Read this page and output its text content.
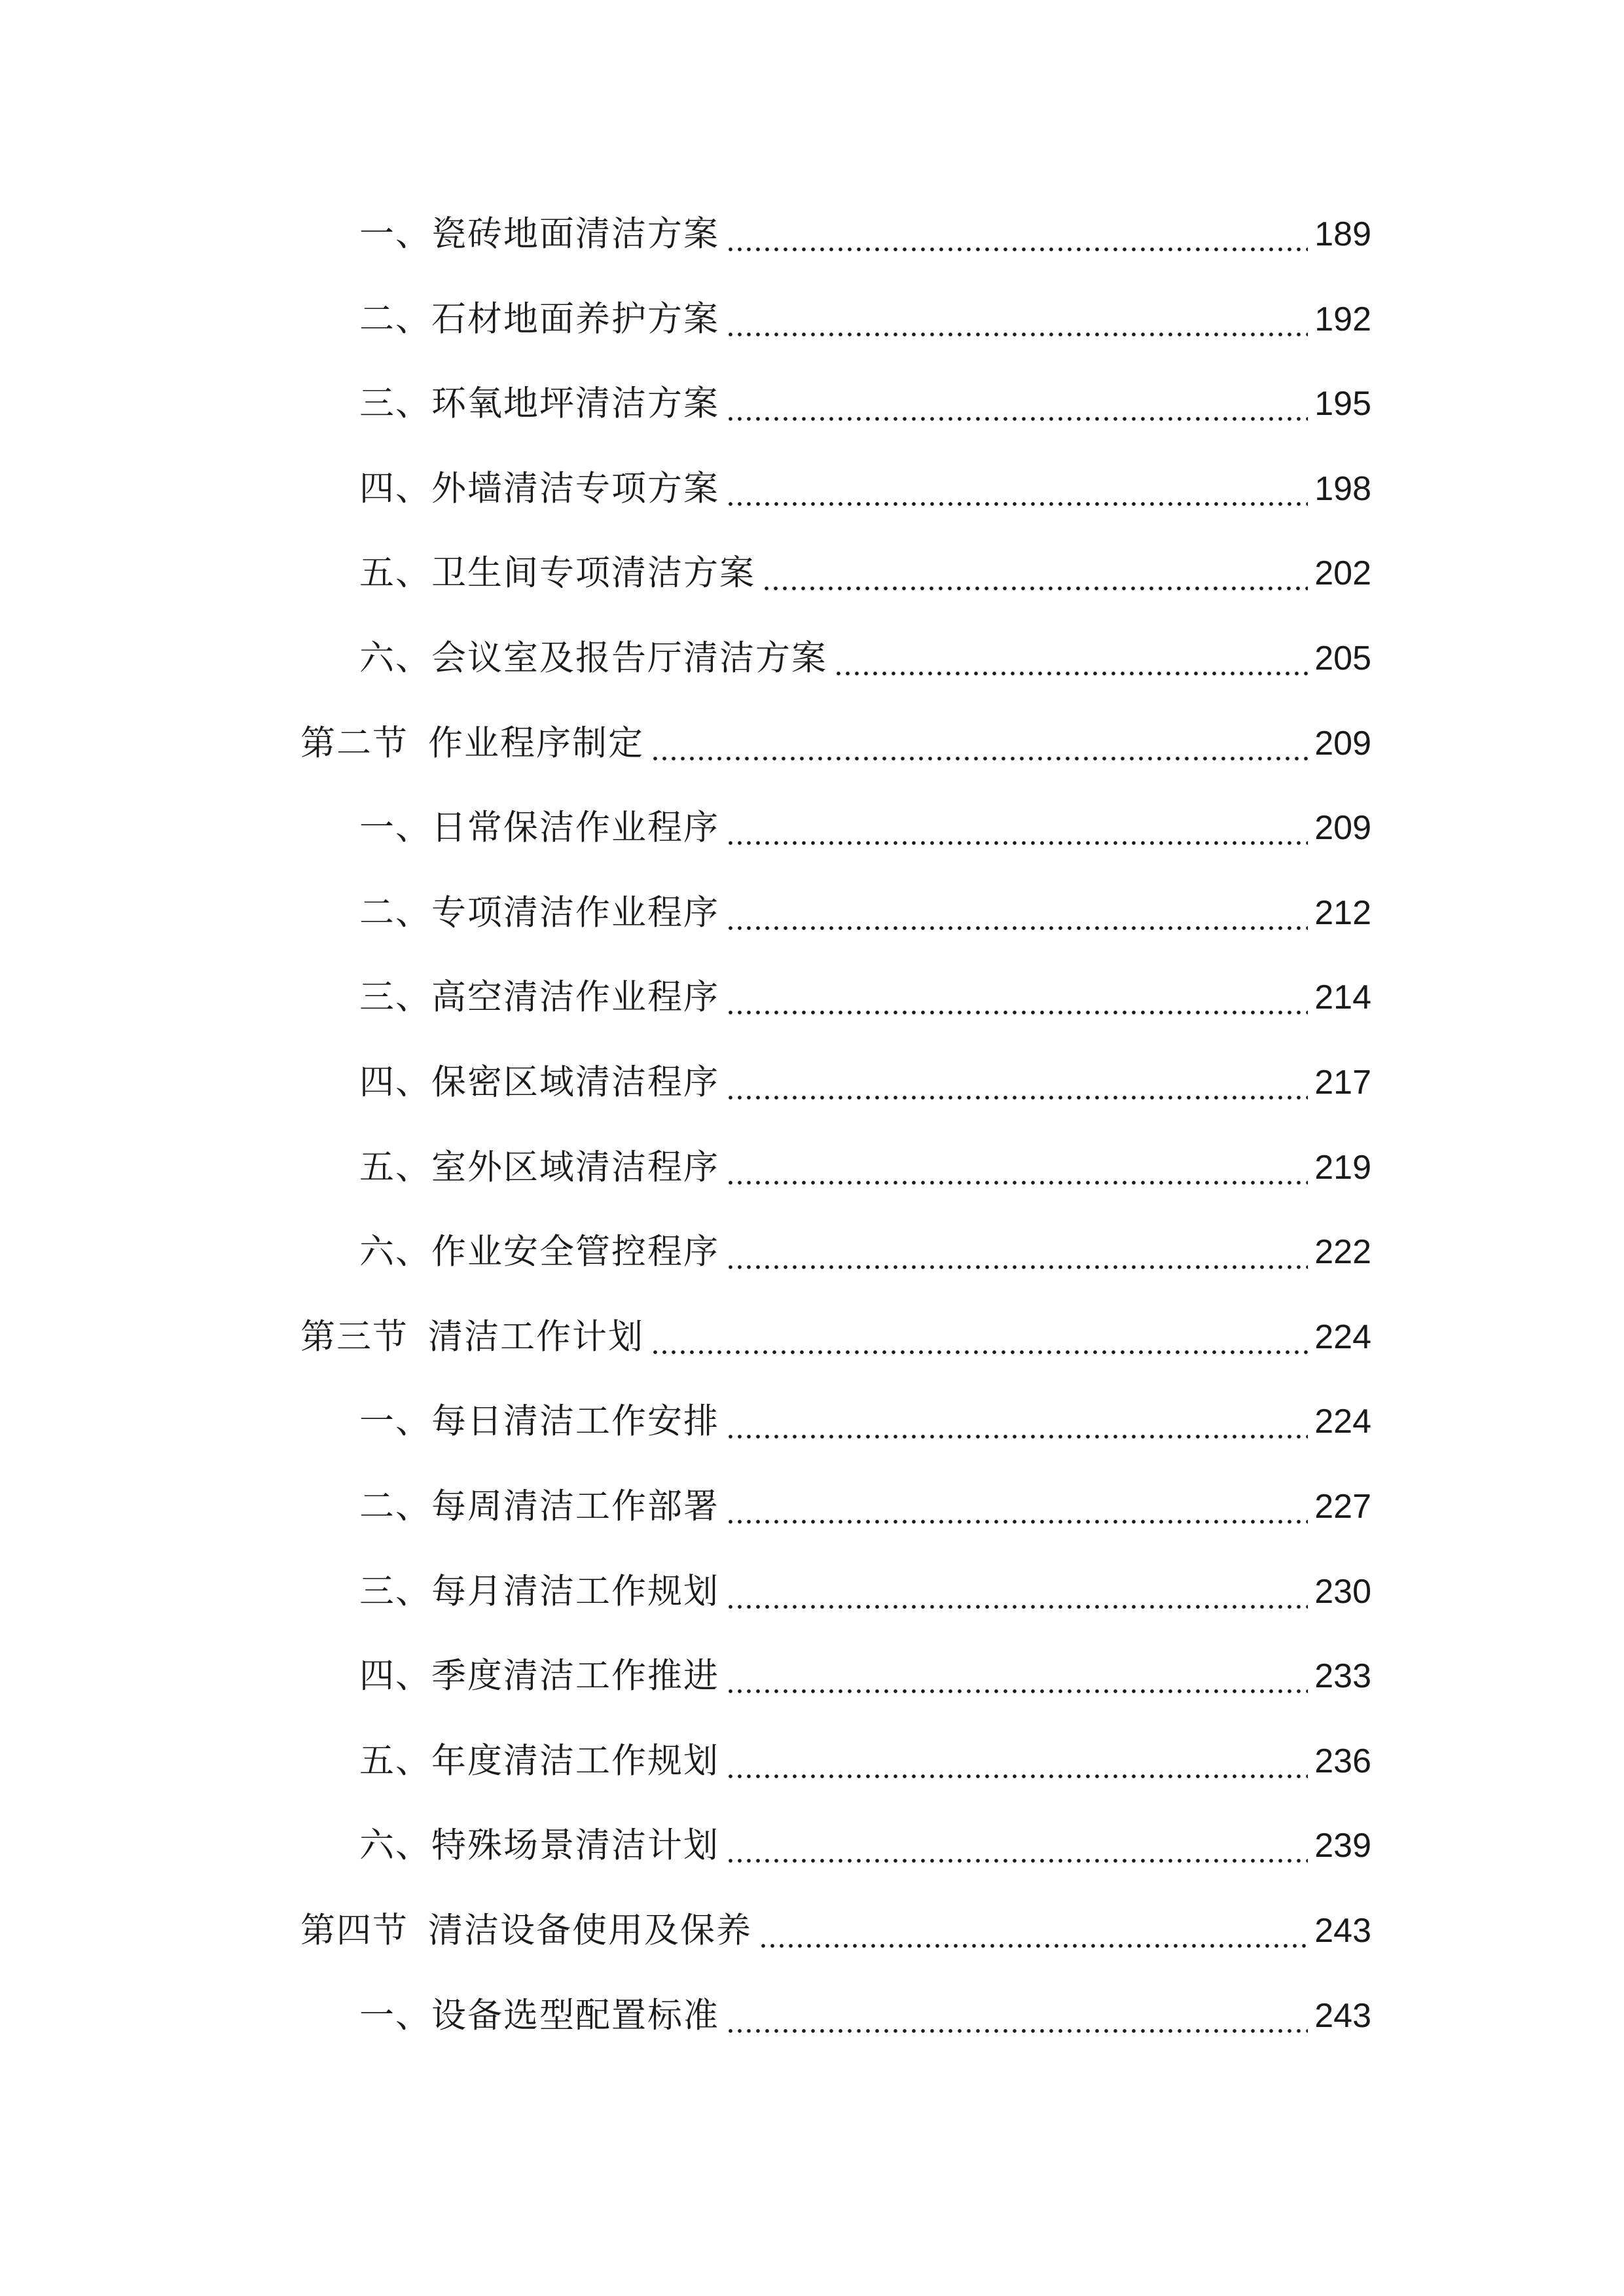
一、瓷砖地面清洁方案	189
二、石材地面养护方案	192
三、环氧地坪清洁方案	195
四、外墙清洁专项方案	198
五、卫生间专项清洁方案	202
六、会议室及报告厅清洁方案	205
第二节 作业程序制定	209
一、日常保洁作业程序	209
二、专项清洁作业程序	212
三、高空清洁作业程序	214
四、保密区域清洁程序	217
五、室外区域清洁程序	219
六、作业安全管控程序	222
第三节 清洁工作计划	224
一、每日清洁工作安排	224
二、每周清洁工作部署	227
三、每月清洁工作规划	230
四、季度清洁工作推进	233
五、年度清洁工作规划	236
六、特殊场景清洁计划	239
第四节 清洁设备使用及保养	243
一、设备选型配置标准	243
